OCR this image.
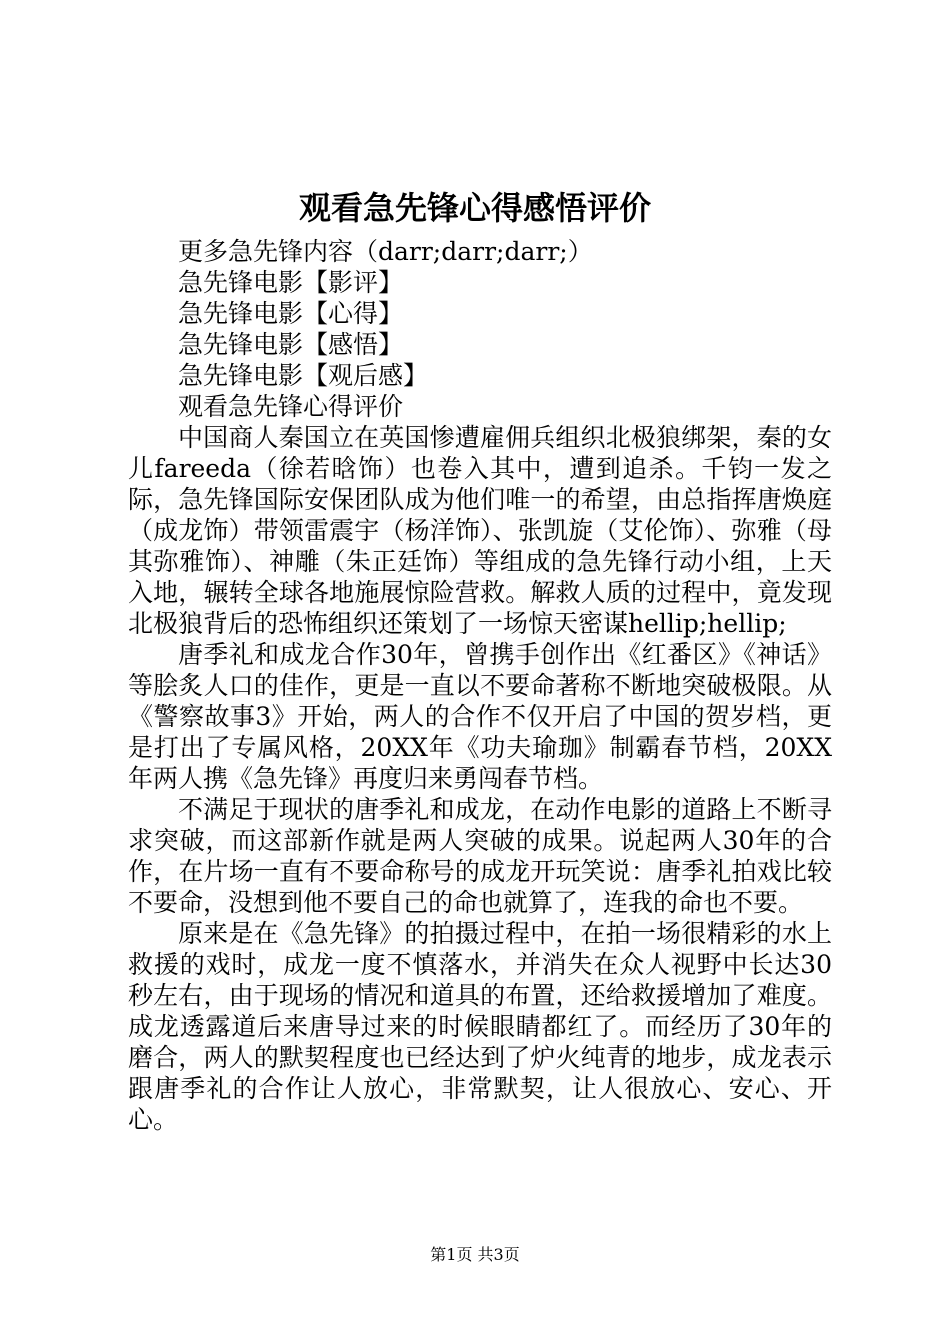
观看急先锋心得感悟评价

更多急先锋内容（darr;darr;darr;）

急先锋电影【影评】

急先锋电影【心得】

急先锋电影【感悟】

急先锋电影【观后感】

观看急先锋心得评价

中国商人秦国立在英国惨遭雇佣兵组织北极狼绑架，秦的女儿fareeda（徐若晗饰）也卷入其中，遭到追杀。千钧一发之际，急先锋国际安保团队成为他们唯一的希望，由总指挥唐焕庭（成龙饰）带领雷震宇（杨洋饰）、张凯旋（艾伦饰）、弥雅（母其弥雅饰）、神雕（朱正廷饰）等组成的急先锋行动小组，上天入地，辗转全球各地施展惊险营救。解救人质的过程中，竟发现北极狼背后的恐怖组织还策划了一场惊天密谋hellip;hellip;

唐季礼和成龙合作30年，曾携手创作出《红番区》《神话》等脍炙人口的佳作，更是一直以不要命著称不断地突破极限。从《警察故事3》开始，两人的合作不仅开启了中国的贺岁档，更是打出了专属风格，20XX年《功夫瑜珈》制霸春节档，20XX年两人携《急先锋》再度归来勇闯春节档。

不满足于现状的唐季礼和成龙，在动作电影的道路上不断寻求突破，而这部新作就是两人突破的成果。说起两人30年的合作，在片场一直有不要命称号的成龙开玩笑说：唐季礼拍戏比较不要命，没想到他不要自己的命也就算了，连我的命也不要。

原来是在《急先锋》的拍摄过程中，在拍一场很精彩的水上救援的戏时，成龙一度不慎落水，并消失在众人视野中长达30秒左右，由于现场的情况和道具的布置，还给救援增加了难度。成龙透露道后来唐导过来的时候眼睛都红了。而经历了30年的磨合，两人的默契程度也已经达到了炉火纯青的地步，成龙表示跟唐季礼的合作让人放心，非常默契，让人很放心、安心、开心。

第1页 共3页
